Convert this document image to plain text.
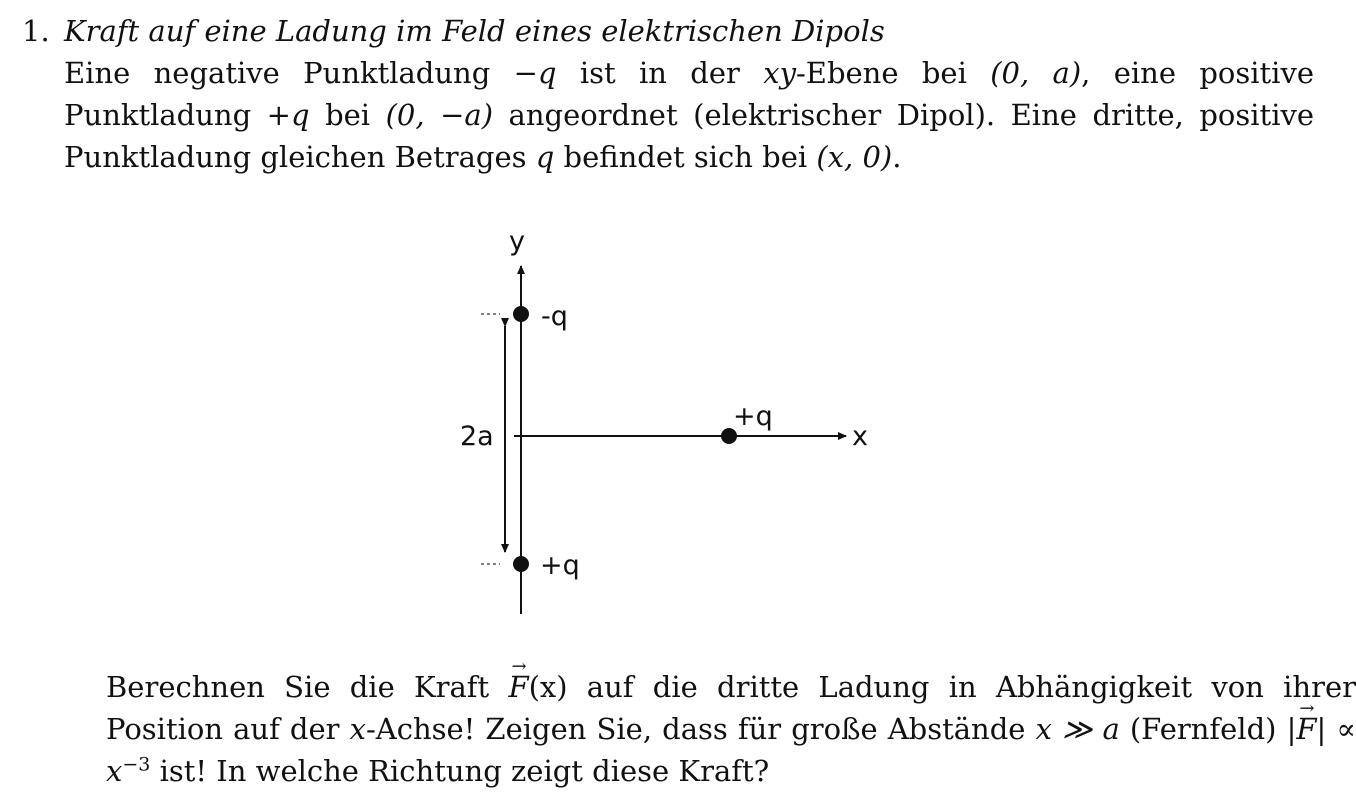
1. Kraft auf eine Ladung im Feld eines elektrischen Dipols
Eine negative Punktladung −q ist in der xy-Ebene bei (0, a), eine positive Punktladung +q bei (0, −a) angeordnet (elektrischer Dipol). Eine dritte, positive Punktladung gleichen Betrages q befindet sich bei (x, 0).
y
x
2a
-q
+q
+q
Berechnen Sie die Kraft → F(x) auf die dritte Ladung in Abhängigkeit von ihrer Position auf der x-Achse! Zeigen Sie, dass für große Abstände x ≫ a (Fernfeld) |→ $F| \propto x^{-3}$ ist! In welche Richtung zeigt diese Kraft?
